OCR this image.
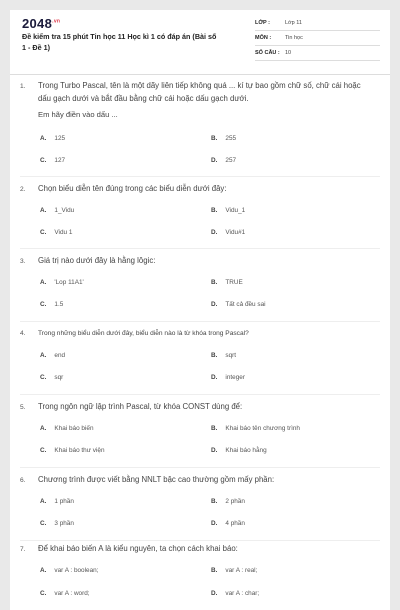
$2048^{.vn}$
Đề kiểm tra 15 phút Tin học 11 Học kì 1 có đáp án (Bài số 1 - Đề 1)
LỚP :	Lớp 11
MÔN :	Tin học
SỐ CÂU : 10
1. Trong Turbo Pascal, tên là một dãy liên tiếp không quá ... kí tự bao gồm chữ số, chữ cái hoặc dấu gạch dưới và bắt đầu bằng chữ cái hoặc dấu gạch dưới.
Em hãy điền vào dấu ...
A. 125	B. 255
C. 127	D. 257
2. Chọn biểu diễn tên đúng trong các biểu diễn dưới đây:
A. 1_Vidu	B. Vidu_1
C. Vidu 1	D. Vidu#1
3. Giá trị nào dưới đây là hằng lôgic:
A. 'Lop 11A1'	B. TRUE
C. 1.5	D. Tất cả đều sai
4. Trong những biểu diễn dưới đây, biểu diễn nào là từ khóa trong Pascal?
A. end	B. sqrt
C. sqr	D. integer
5. Trong ngôn ngữ lập trình Pascal, từ khóa CONST dùng để:
A. Khai báo biến	B. Khai báo tên chương trình
C. Khai báo thư viện	D. Khai báo hằng
6. Chương trình được viết bằng NNLT bậc cao thường gồm mấy phần:
A. 1 phần	B. 2 phần
C. 3 phần	D. 4 phần
7. Để khai báo biến A là kiểu nguyên, ta chọn cách khai báo:
A. var A : boolean;	B. var A : real;
C. var A : word;	D. var A : char;
